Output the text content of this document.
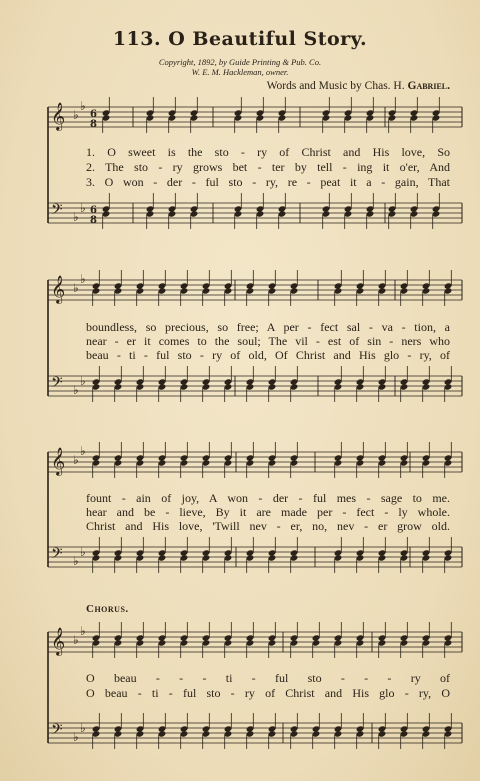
113. O Beautiful Story.
Copyright, 1892, by Guide Printing & Pub. Co.
W. E. M. Hackleman, owner.
Words and Music by Chas. H. Gabriel.
𝄞 ♭
♭
6
8
𝄢 ♭
♭ 6
8
𝄞 ♭
♭
𝄢 ♭
♭
𝄞 ♭
♭
𝄢 ♭
♭
𝄞 ♭
♭
𝄢 ♭
♭
1. O sweet is the sto - ry of Christ and His love, So
2. The sto - ry grows bet - ter by tell - ing it o'er, And
3. O won - der - ful sto - ry, re - peat it a - gain, That
boundless, so precious, so free; A per - fect sal - va - tion, a
near - er it comes to the soul; The vil - est of sin - ners who
beau - ti - ful sto - ry of old, Of Christ and His glo - ry, of
fount - ain of joy, A won - der - ful mes - sage to me.
hear and be - lieve, By it are made per - fect - ly whole.
Christ and His love, 'Twill nev - er, no, nev - er grow old.
Chorus.
O beau - - - ti - ful sto - - - ry of
O beau - ti - ful sto - ry of Christ and His glo - ry, O
